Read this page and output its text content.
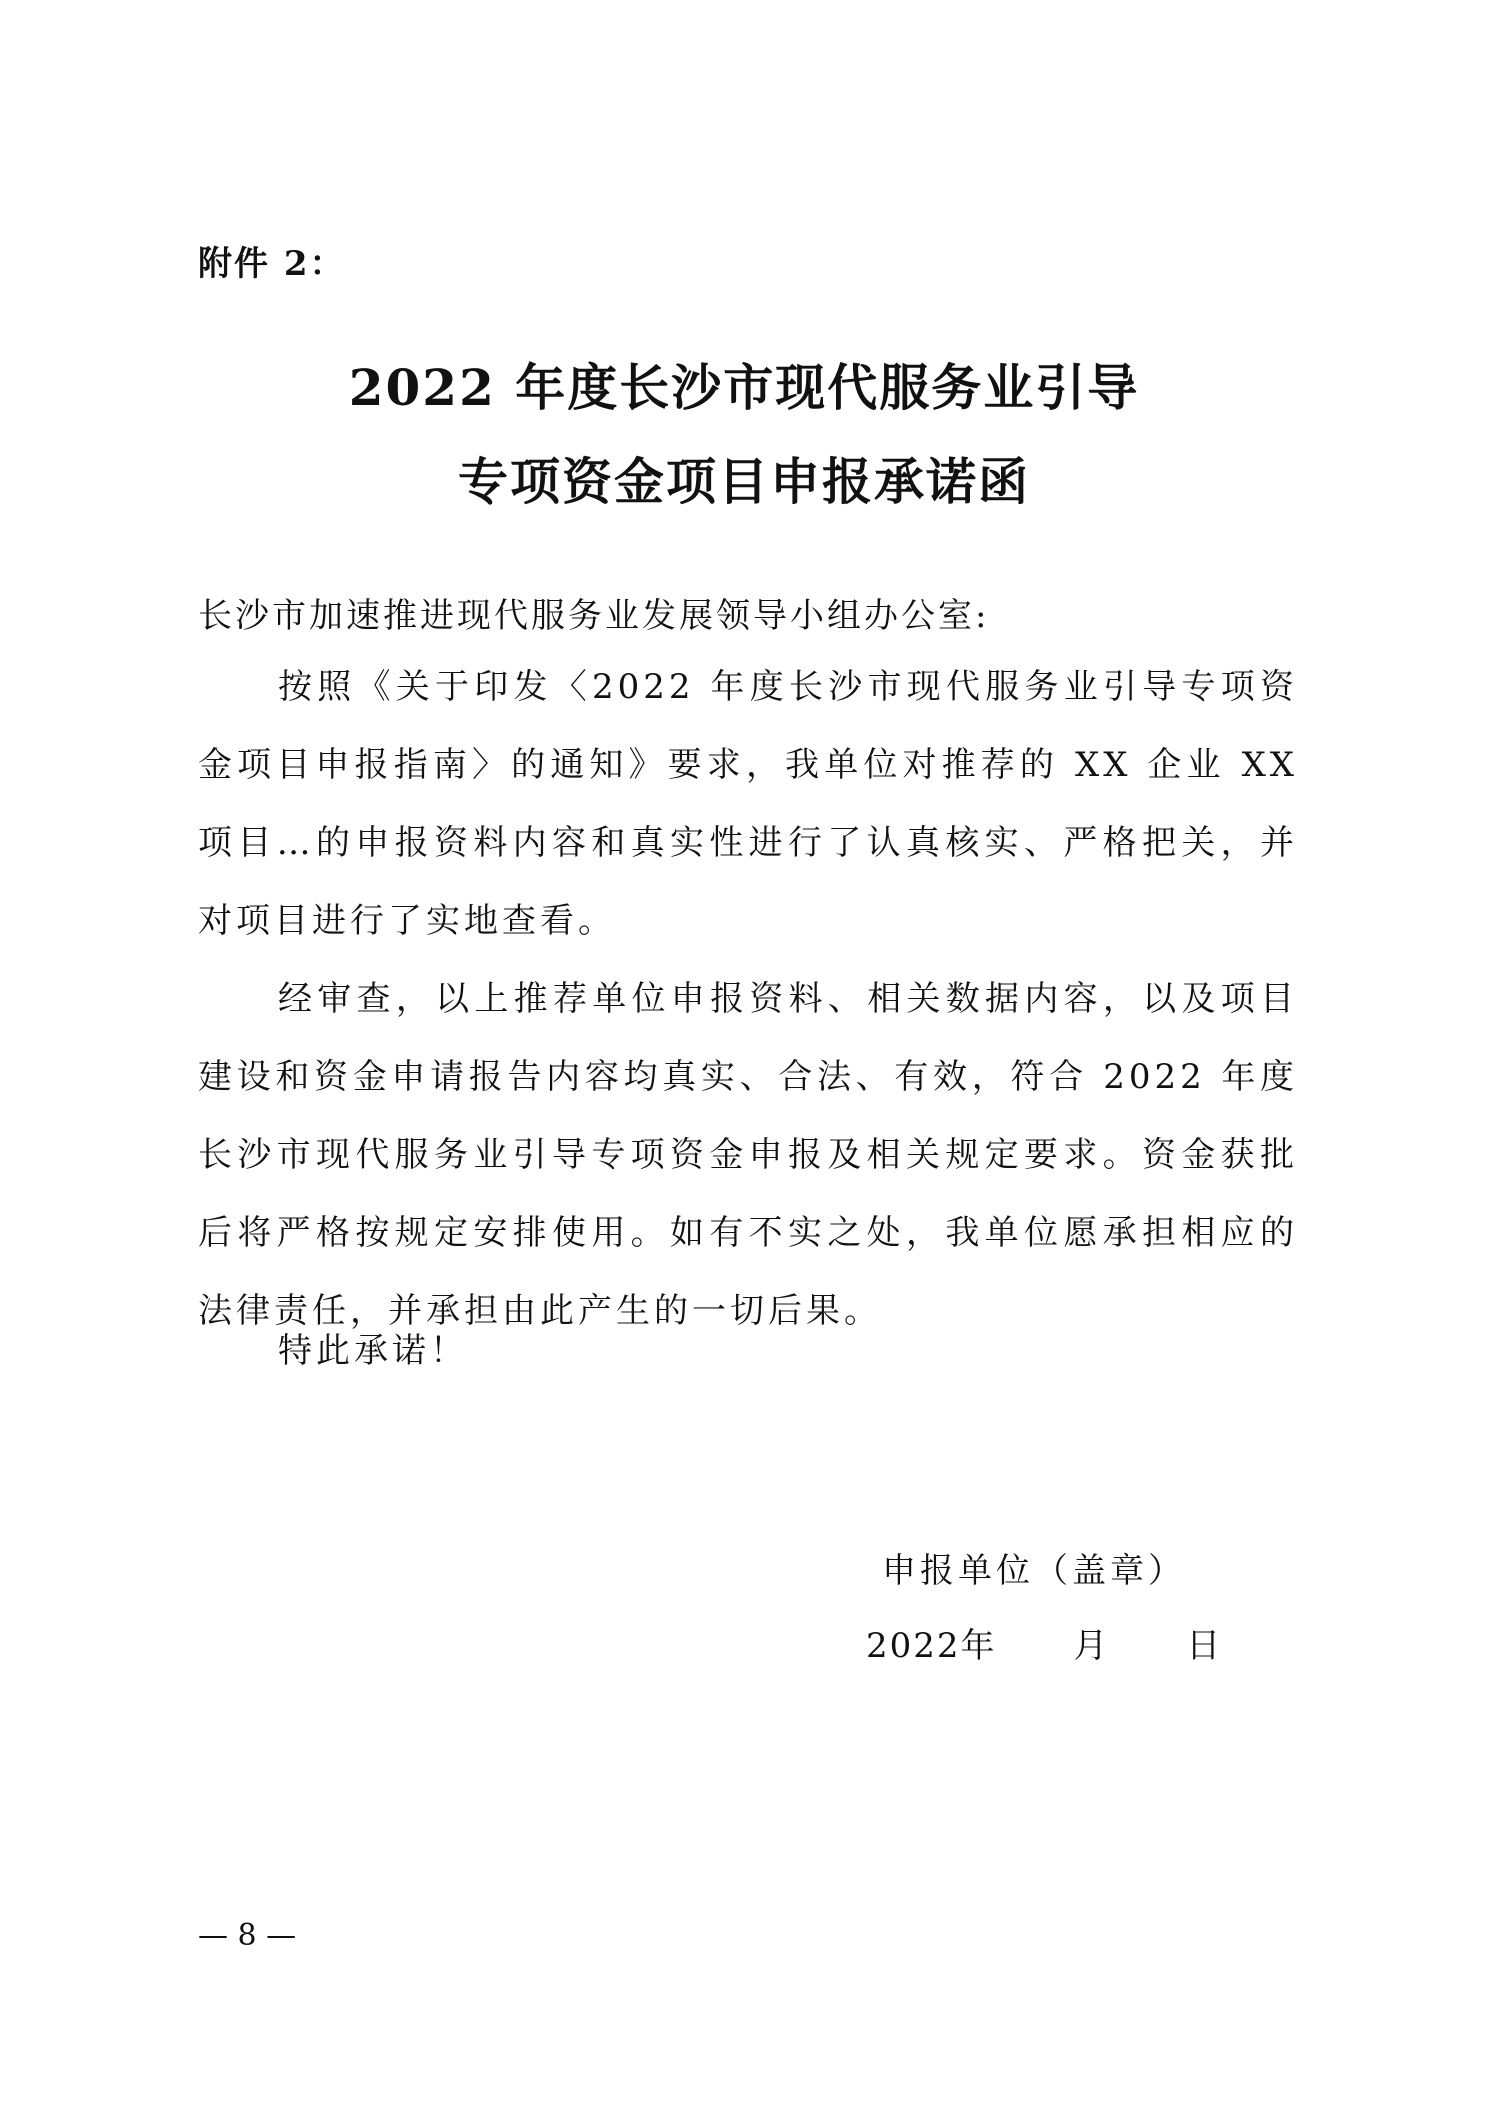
附件 2：
2022 年度长沙市现代服务业引导
专项资金项目申报承诺函
长沙市加速推进现代服务业发展领导小组办公室:
按照《关于印发〈2022 年度长沙市现代服务业引导专项资金项目申报指南〉的通知》要求，我单位对推荐的 XX 企业 XX 项目…的申报资料内容和真实性进行了认真核实、严格把关，并对项目进行了实地查看。
经审查，以上推荐单位申报资料、相关数据内容，以及项目建设和资金申请报告内容均真实、合法、有效，符合 2022 年度长沙市现代服务业引导专项资金申报及相关规定要求。资金获批后将严格按规定安排使用。如有不实之处，我单位愿承担相应的法律责任，并承担由此产生的一切后果。
特此承诺！
申报单位（盖章）
2022年      月      日
— 8 —
